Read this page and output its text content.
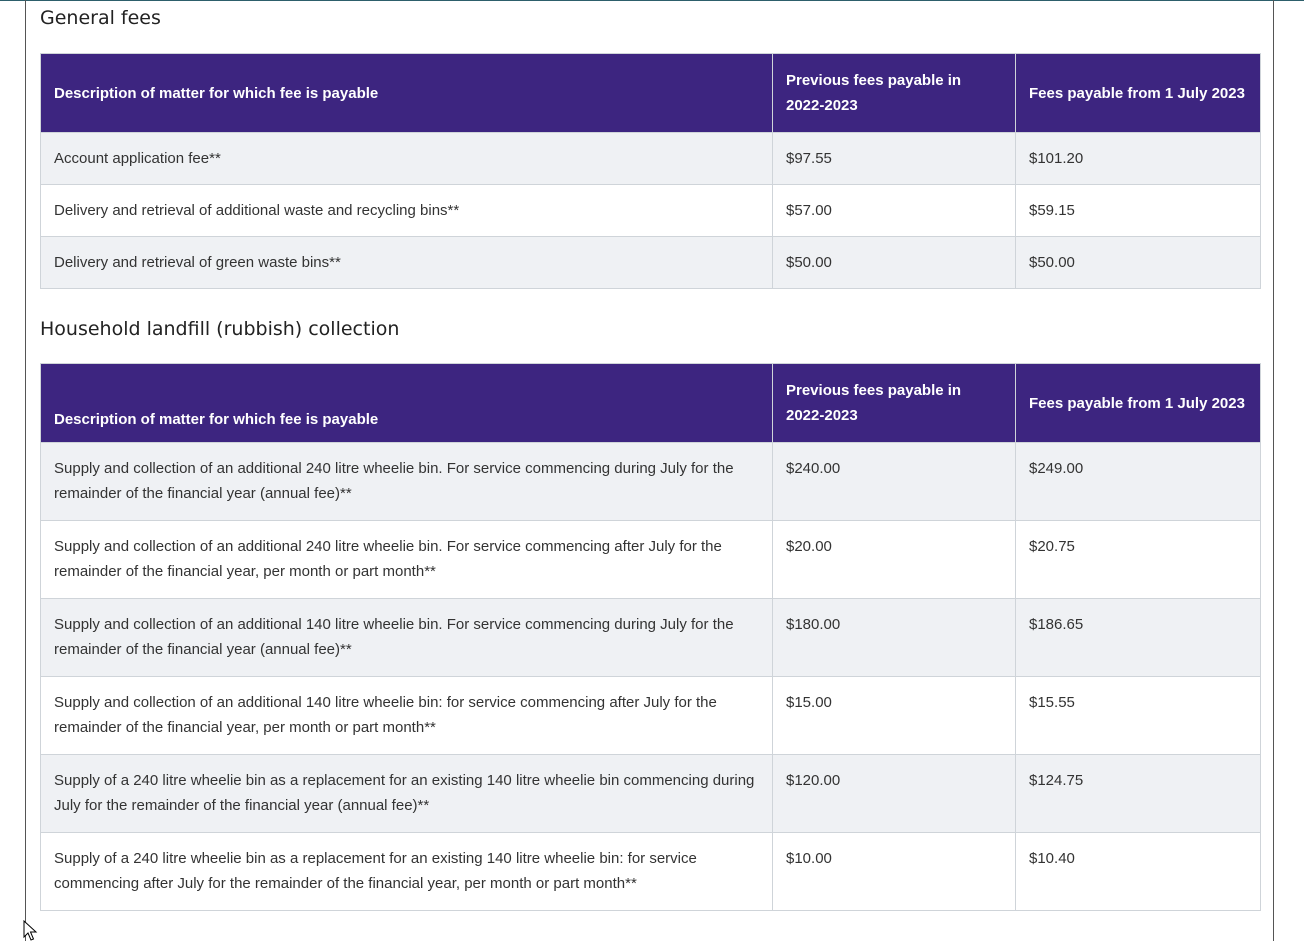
General fees
Description of matter for which fee is payable	Previous fees payable in 2022-2023	Fees payable from 1 July 2023
Account application fee**	$97.55	$101.20
Delivery and retrieval of additional waste and recycling bins**	$57.00	$59.15
Delivery and retrieval of green waste bins**	$50.00	$50.00
Household landfill (rubbish) collection
Description of matter for which fee is payable	Previous fees payable in 2022-2023	Fees payable from 1 July 2023
Supply and collection of an additional 240 litre wheelie bin. For service commencing during July for the remainder of the financial year (annual fee)**	$240.00	$249.00
Supply and collection of an additional 240 litre wheelie bin. For service commencing after July for the remainder of the financial year, per month or part month**	$20.00	$20.75
Supply and collection of an additional 140 litre wheelie bin. For service commencing during July for the remainder of the financial year (annual fee)**	$180.00	$186.65
Supply and collection of an additional 140 litre wheelie bin: for service commencing after July for the remainder of the financial year, per month or part month**	$15.00	$15.55
Supply of a 240 litre wheelie bin as a replacement for an existing 140 litre wheelie bin commencing during July for the remainder of the financial year (annual fee)**	$120.00	$124.75
Supply of a 240 litre wheelie bin as a replacement for an existing 140 litre wheelie bin: for service commencing after July for the remainder of the financial year, per month or part month**	$10.00	$10.40
